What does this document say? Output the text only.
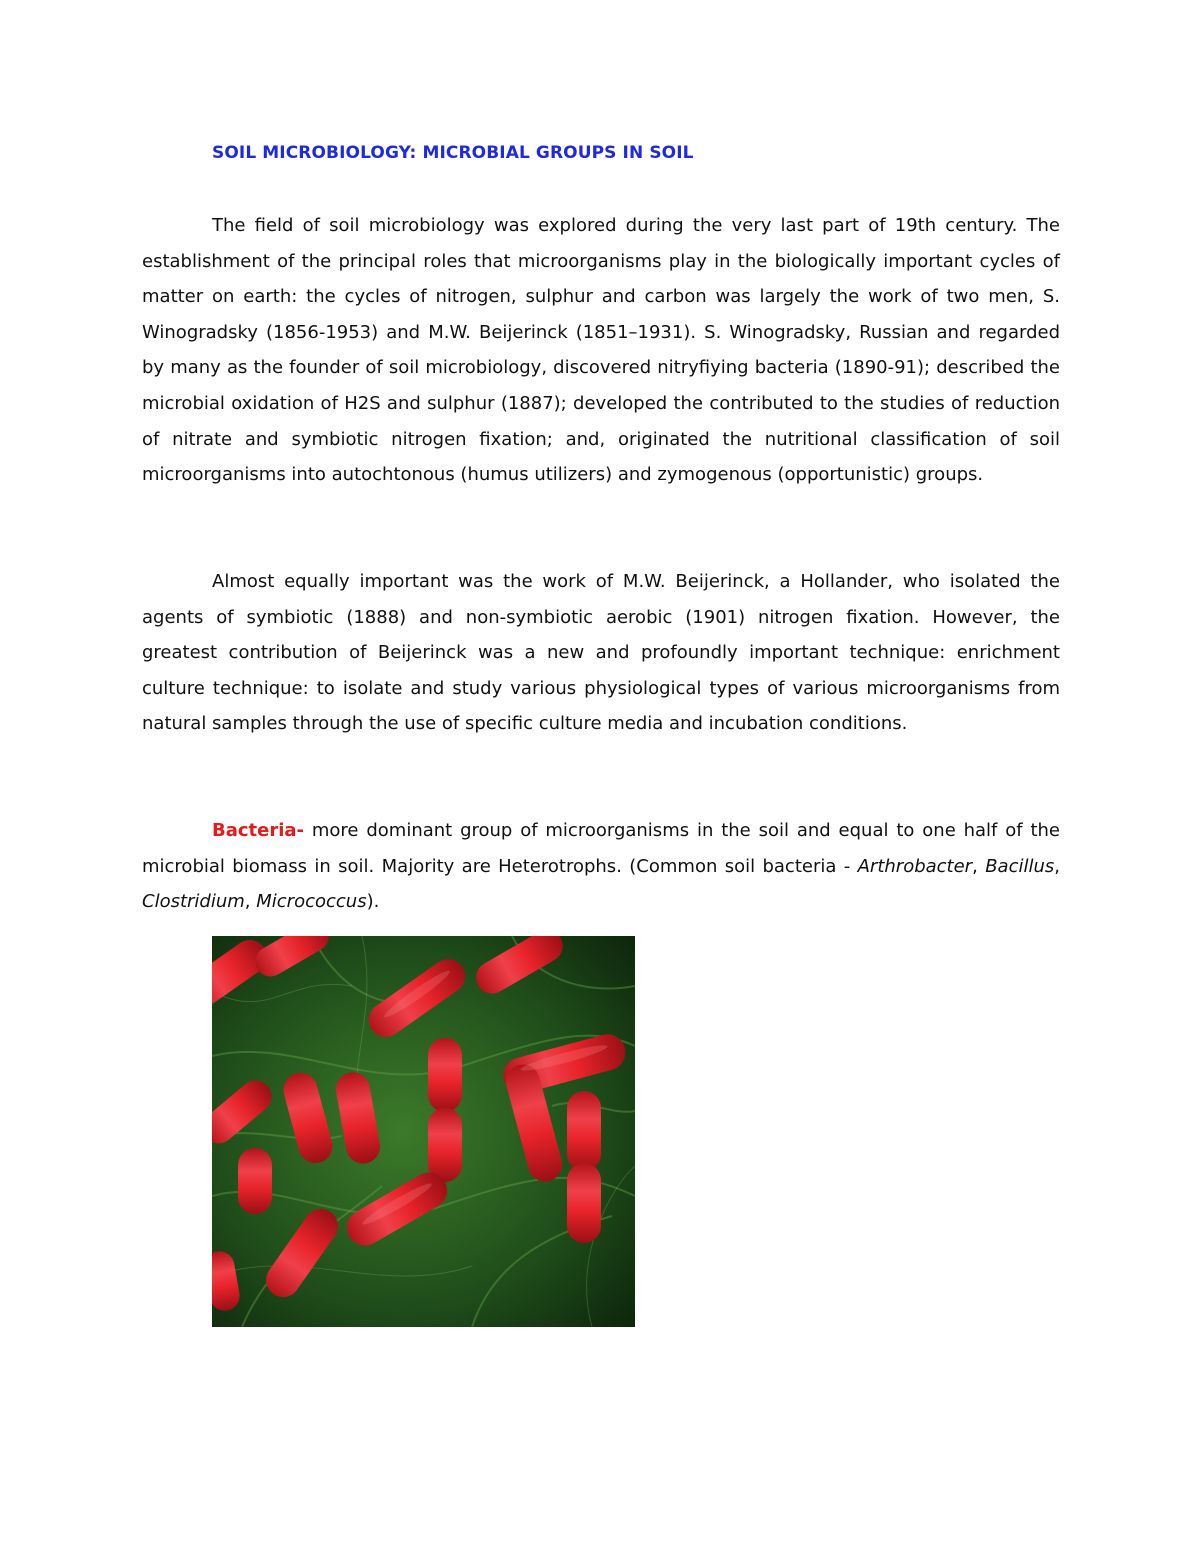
SOIL MICROBIOLOGY: MICROBIAL GROUPS IN SOIL

The field of soil microbiology was explored during the very last part of 19th century. The establishment of the principal roles that microorganisms play in the biologically important cycles of matter on earth: the cycles of nitrogen, sulphur and carbon was largely the work of two men, S. Winogradsky (1856-1953) and M.W. Beijerinck (1851–1931). S. Winogradsky, Russian and regarded by many as the founder of soil microbiology, discovered nitryfiying bacteria (1890-91); described the microbial oxidation of H2S and sulphur (1887); developed the contributed to the studies of reduction of nitrate and symbiotic nitrogen fixation; and, originated the nutritional classification of soil microorganisms into autochtonous (humus utilizers) and zymogenous (opportunistic) groups.

Almost equally important was the work of M.W. Beijerinck, a Hollander, who isolated the agents of symbiotic (1888) and non-symbiotic aerobic (1901) nitrogen fixation. However, the greatest contribution of Beijerinck was a new and profoundly important technique: enrichment culture technique: to isolate and study various physiological types of various microorganisms from natural samples through the use of specific culture media and incubation conditions.

Bacteria- more dominant group of microorganisms in the soil and equal to one half of the microbial biomass in soil. Majority are Heterotrophs. (Common soil bacteria - Arthrobacter, Bacillus, Clostridium, Micrococcus).
